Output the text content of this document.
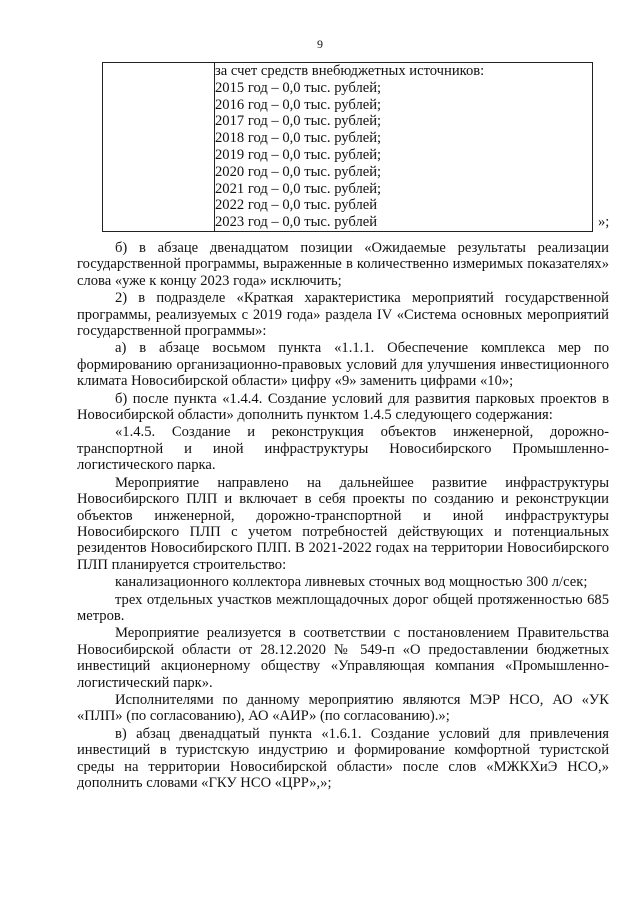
9

за счет средств внебюджетных источников:
2015 год – 0,0 тыс. рублей;
2016 год – 0,0 тыс. рублей;
2017 год – 0,0 тыс. рублей;
2018 год – 0,0 тыс. рублей;
2019 год – 0,0 тыс. рублей;
2020 год – 0,0 тыс. рублей;
2021 год – 0,0 тыс. рублей;
2022 год – 0,0 тыс. рублей
2023 год – 0,0 тыс. рублей	»;

б) в абзаце двенадцатом позиции «Ожидаемые результаты реализации государственной программы, выраженные в количественно измеримых показателях» слова «уже к концу 2023 года» исключить;

2) в подразделе «Краткая характеристика мероприятий государственной программы, реализуемых с 2019 года» раздела IV «Система основных мероприятий государственной программы»:

а) в абзаце восьмом пункта «1.1.1. Обеспечение комплекса мер по формированию организационно-правовых условий для улучшения инвестиционного климата Новосибирской области» цифру «9» заменить цифрами «10»;

б) после пункта «1.4.4. Создание условий для развития парковых проектов в Новосибирской области» дополнить пунктом 1.4.5 следующего содержания:

«1.4.5. Создание и реконструкция объектов инженерной, дорожно-транспортной и иной инфраструктуры Новосибирского Промышленно-логистического парка.

Мероприятие направлено на дальнейшее развитие инфраструктуры Новосибирского ПЛП и включает в себя проекты по созданию и реконструкции объектов инженерной, дорожно-транспортной и иной инфраструктуры Новосибирского ПЛП с учетом потребностей действующих и потенциальных резидентов Новосибирского ПЛП. В 2021-2022 годах на территории Новосибирского ПЛП планируется строительство:

канализационного коллектора ливневых сточных вод мощностью 300 л/сек;

трех отдельных участков межплощадочных дорог общей протяженностью 685 метров.

Мероприятие реализуется в соответствии с постановлением Правительства Новосибирской области от 28.12.2020 № 549-п «О предоставлении бюджетных инвестиций акционерному обществу «Управляющая компания «Промышленно-логистический парк».

Исполнителями по данному мероприятию являются МЭР НСО, АО «УК «ПЛП» (по согласованию), АО «АИР» (по согласованию).»;

в) абзац двенадцатый пункта «1.6.1. Создание условий для привлечения инвестиций в туристскую индустрию и формирование комфортной туристской среды на территории Новосибирской области» после слов «МЖКХиЭ НСО,» дополнить словами «ГКУ НСО «ЦРР»,»;
